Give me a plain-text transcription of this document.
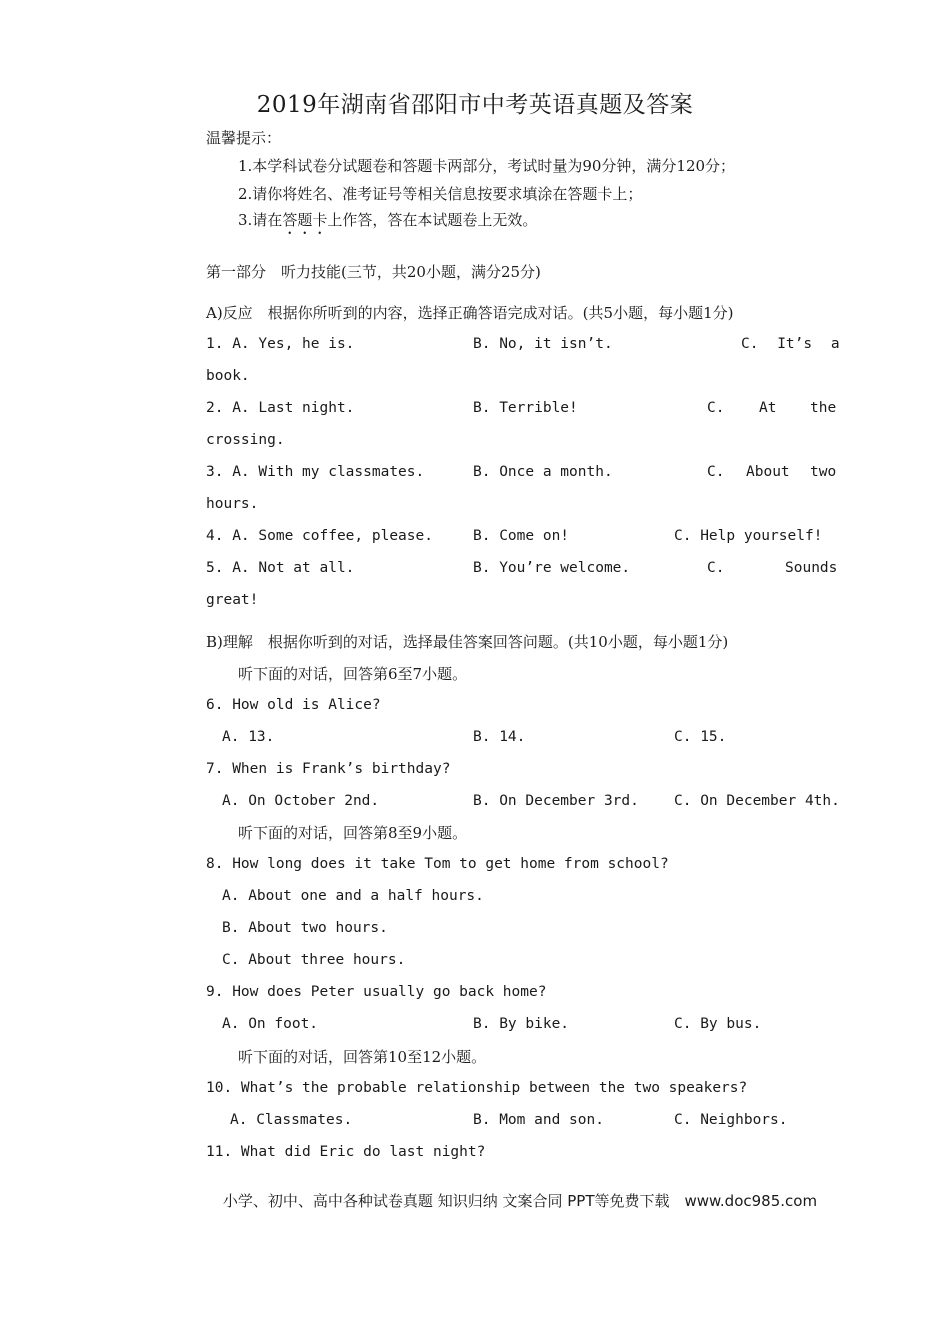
2019年湖南省邵阳市中考英语真题及答案
温馨提示：
1.本学科试卷分试题卷和答题卡两部分，考试时量为90分钟，满分120分；
2.请你将姓名、准考证号等相关信息按要求填涂在答题卡上；
3.请在答题卡上作答，答在本试题卷上无效。
第一部分　听力技能(三节，共20小题，满分25分)
A)反应　根据你所听到的内容，选择正确答语完成对话。(共5小题，每小题1分)
1. A. Yes, he is.	B. No, it isn’t.	C. It’s a
book.
2. A. Last night.	B. Terrible!	C. At the
crossing.
3. A. With my classmates.	B. Once a month.	C. About two
hours.
4. A. Some coffee, please.	B. Come on!	C. Help yourself!
5. A. Not at all.	B. You’re welcome.	C.	Sounds
great!
B)理解　根据你听到的对话，选择最佳答案回答问题。(共10小题，每小题1分)
听下面的对话，回答第6至7小题。
6. How old is Alice?
A. 13.	B. 14.	C. 15.
7. When is Frank’s birthday?
A. On October 2nd.	B. On December 3rd. C. On December 4th.
听下面的对话，回答第8至9小题。
8. How long does it take Tom to get home from school?
A. About one and a half hours.
B. About two hours.
C. About three hours.
9. How does Peter usually go back home?
A. On foot.	B. By bike.	C. By bus.
听下面的对话，回答第10至12小题。
10. What’s the probable relationship between the two speakers?
A. Classmates.	B. Mom and son.	C. Neighbors.
11. What did Eric do last night?
小学、初中、高中各种试卷真题 知识归纳 文案合同 PPT等免费下载　www.doc985.com
